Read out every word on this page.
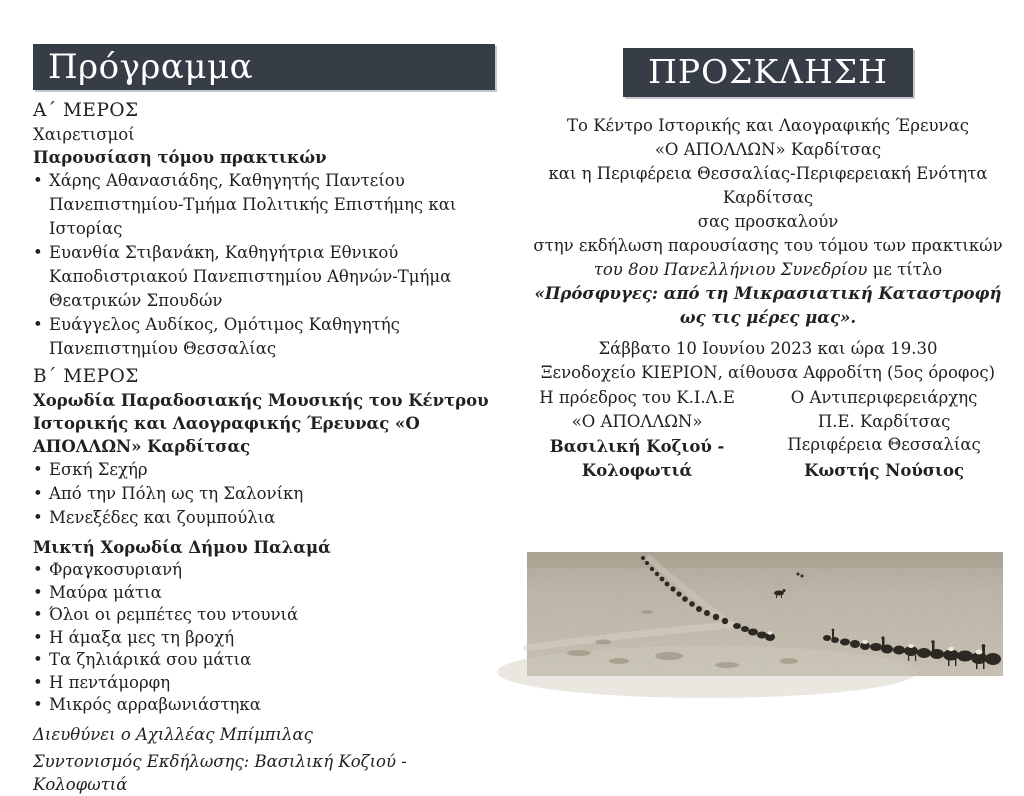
Πρόγραμμα
Α΄ ΜΕΡΟΣ
Χαιρετισμοί
Παρουσίαση τόμου πρακτικών
• Χάρης Αθανασιάδης, Καθηγητής Παντείου Πανεπιστημίου-Τμήμα Πολιτικής Επιστήμης και Ιστορίας
• Ευανθία Στιβανάκη, Καθηγήτρια Εθνικού Καποδιστριακού Πανεπιστημίου Αθηνών-Τμήμα Θεατρικών Σπουδών
• Ευάγγελος Αυδίκος, Ομότιμος Καθηγητής Πανεπιστημίου Θεσσαλίας
Β΄ ΜΕΡΟΣ
Χορωδία Παραδοσιακής Μουσικής του Κέντρου Ιστορικής και Λαογραφικής Έρευνας «Ο ΑΠΟΛΛΩΝ» Καρδίτσας
• Εσκή Σεχήρ
• Από την Πόλη ως τη Σαλονίκη
• Μενεξέδες και ζουμπούλια
Μικτή Χορωδία Δήμου Παλαμά
• Φραγκοσυριανή
• Μαύρα μάτια
• Όλοι οι ρεμπέτες του ντουνιά
• Η άμαξα μες τη βροχή
• Τα ζηλιάρικά σου μάτια
• Η πεντάμορφη
• Μικρός αρραβωνιάστηκα
Διευθύνει ο Αχιλλέας Μπίμπιλας
Συντονισμός Εκδήλωσης: Βασιλική Κοζιού - Κολοφωτιά
ΠΡΟΣΚΛΗΣΗ
Το Κέντρο Ιστορικής και Λαογραφικής Έρευνας
«Ο ΑΠΟΛΛΩΝ» Καρδίτσας
και η Περιφέρεια Θεσσαλίας-Περιφερειακή Ενότητα Καρδίτσας
σας προσκαλούν
στην εκδήλωση παρουσίασης του τόμου των πρακτικών
του 8ου Πανελλήνιου Συνεδρίου με τίτλο
«Πρόσφυγες: από τη Μικρασιατική Καταστροφή ως τις μέρες μας».
Σάββατο 10 Ιουνίου 2023 και ώρα 19.30
Ξενοδοχείο ΚΙΕΡΙΟΝ, αίθουσα Αφροδίτη (5ος όροφος)
Η πρόεδρος του Κ.Ι.Λ.Ε
«Ο ΑΠΟΛΛΩΝ»
Βασιλική Κοζιού - Κολοφωτιά
Ο Αντιπεριφερειάρχης
Π.Ε. Καρδίτσας
Περιφέρεια Θεσσαλίας
Κωστής Νούσιος
